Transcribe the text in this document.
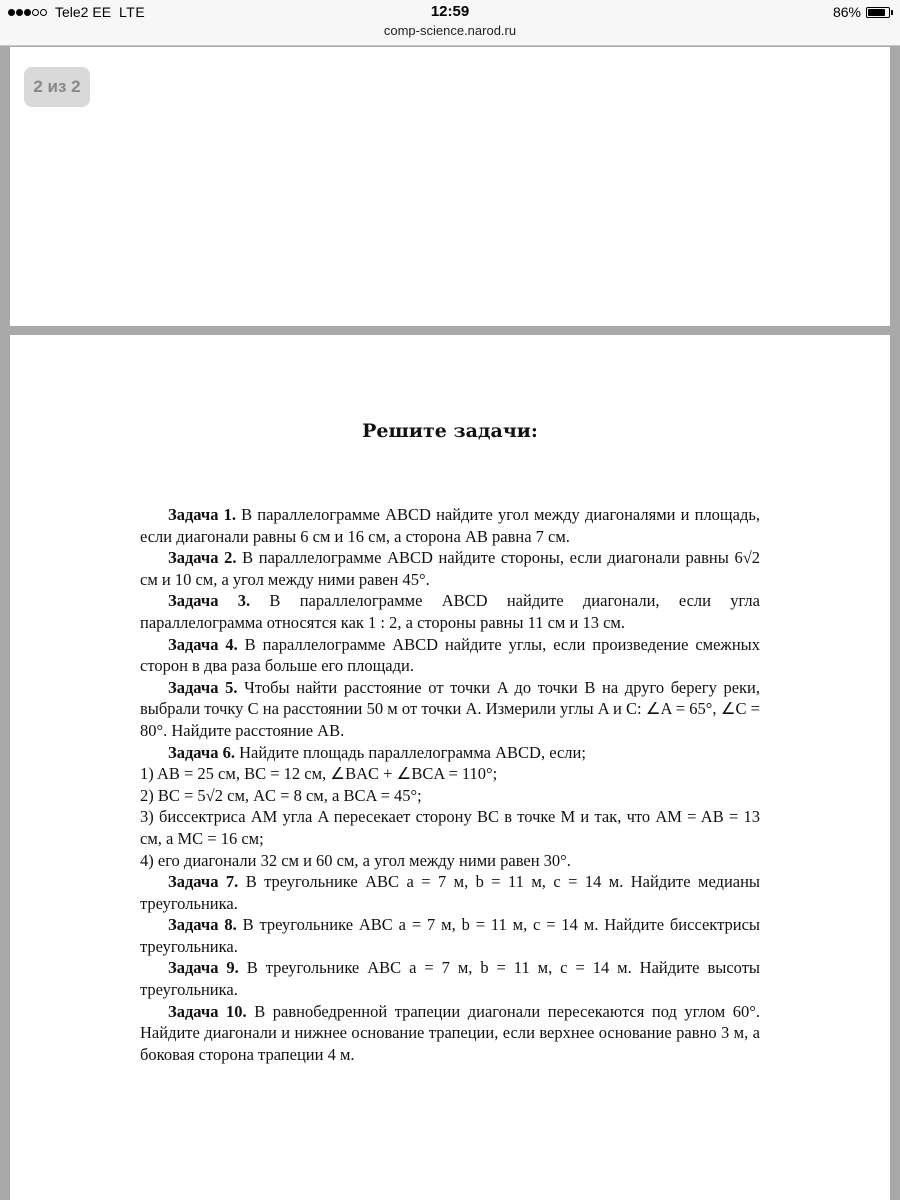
Tele2 EE LTE	12:59	86%
comp-science.narod.ru
2 из 2
Решите задачи:

Задача 1. В параллелограмме ABCD найдите угол между диагоналями и площадь, если диагонали равны 6 см и 16 см, а сторона AB равна 7 см.

Задача 2. В параллелограмме ABCD найдите стороны, если диагонали равны 6√2 см и 10 см, а угол между ними равен 45°.

Задача 3. В параллелограмме ABCD найдите диагонали, если угла параллелограмма относятся как 1 : 2, а стороны равны 11 см и 13 см.

Задача 4. В параллелограмме ABCD найдите углы, если произведение смежных сторон в два раза больше его площади.

Задача 5. Чтобы найти расстояние от точки A до точки B на друго берегу реки, выбрали точку C на расстоянии 50 м от точки A. Измерили углы A и C: ∠A = 65°, ∠C = 80°. Найдите расстояние AB.

Задача 6. Найдите площадь параллелограмма ABCD, если;

1) AB = 25 см, BC = 12 см, ∠BAC + ∠BCA = 110°;

2) BC = 5√2 см, AC = 8 см, а BCA = 45°;

3) биссектриса AM угла A пересекает сторону BC в точке M и так, что AM = AB = 13 см, а MC = 16 см;

4) его диагонали 32 см и 60 см, а угол между ними равен 30°.

Задача 7. В треугольнике ABC a = 7 м, b = 11 м, c = 14 м. Найдите медианы треугольника.

Задача 8. В треугольнике ABC a = 7 м, b = 11 м, c = 14 м. Найдите биссектрисы треугольника.

Задача 9. В треугольнике ABC a = 7 м, b = 11 м, c = 14 м. Найдите высоты треугольника.

Задача 10. В равнобедренной трапеции диагонали пересекаются под углом 60°. Найдите диагонали и нижнее основание трапеции, если верхнее основание равно 3 м, а боковая сторона трапеции 4 м.
